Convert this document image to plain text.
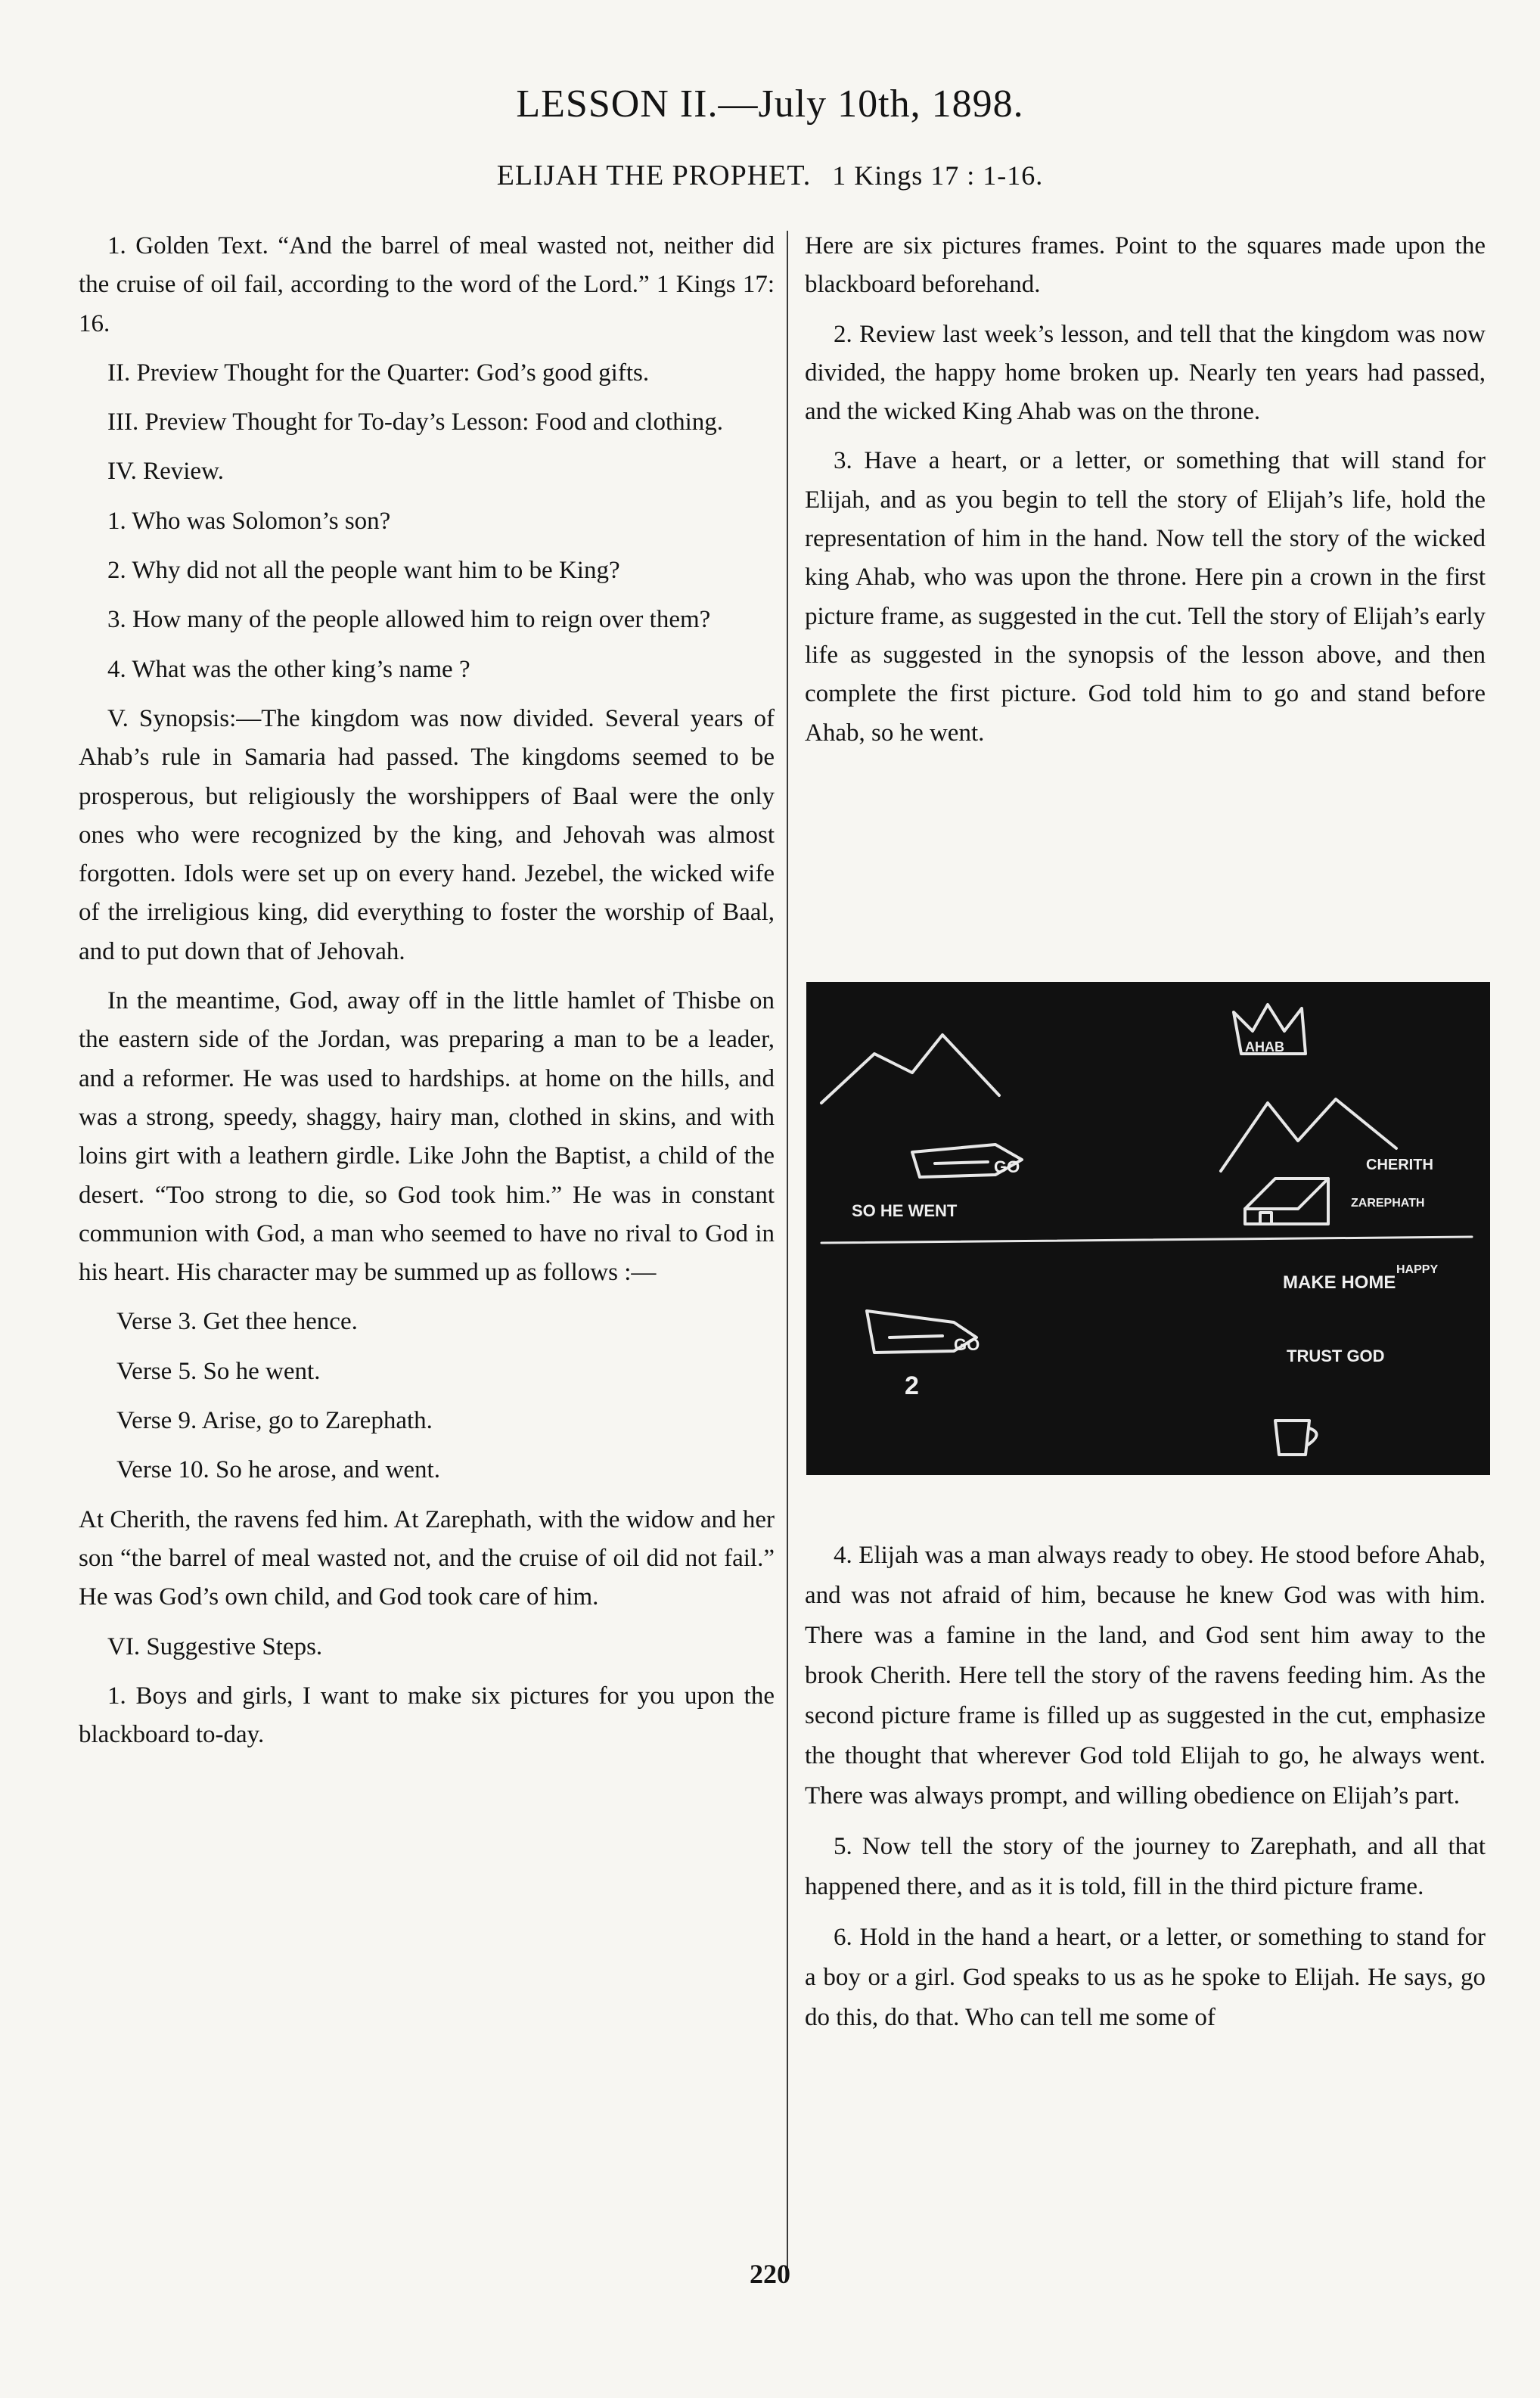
LESSON II.—July 10th, 1898.
ELIJAH THE PROPHET. 1 Kings 17 : 1-16.

1. Golden Text. “And the barrel of meal wasted not, neither did the cruise of oil fail, according to the word of the Lord.” 1 Kings 17: 16.

II. Preview Thought for the Quarter: God’s good gifts.

III. Preview Thought for To-day’s Lesson: Food and clothing.

IV. Review.

1. Who was Solomon’s son?

2. Why did not all the people want him to be King?

3. How many of the people allowed him to reign over them?

4. What was the other king’s name ?

V. Synopsis:—The kingdom was now divided. Several years of Ahab’s rule in Samaria had passed. The kingdoms seemed to be prosperous, but religiously the worshippers of Baal were the only ones who were recognized by the king, and Jehovah was almost forgotten. Idols were set up on every hand. Jezebel, the wicked wife of the irreligious king, did everything to foster the worship of Baal, and to put down that of Jehovah.

In the meantime, God, away off in the little hamlet of Thisbe on the eastern side of the Jordan, was preparing a man to be a leader, and a reformer. He was used to hardships. at home on the hills, and was a strong, speedy, shaggy, hairy man, clothed in skins, and with loins girt with a leathern girdle. Like John the Baptist, a child of the desert. “Too strong to die, so God took him.” He was in constant communion with God, a man who seemed to have no rival to God in his heart. His character may be summed up as follows :—

Verse 3. Get thee hence.

Verse 5. So he went.

Verse 9. Arise, go to Zarephath.

Verse 10. So he arose, and went.

At Cherith, the ravens fed him. At Zarephath, with the widow and her son “the barrel of meal wasted not, and the cruise of oil did not fail.” He was God’s own child, and God took care of him.

VI. Suggestive Steps.

1. Boys and girls, I want to make six pictures for you upon the blackboard to-day.

Here are six pictures frames. Point to the squares made upon the blackboard beforehand.

2. Review last week’s lesson, and tell that the kingdom was now divided, the happy home broken up. Nearly ten years had passed, and the wicked King Ahab was on the throne.

3. Have a heart, or a letter, or something that will stand for Elijah, and as you begin to tell the story of Elijah’s life, hold the representation of him in the hand. Now tell the story of the wicked king Ahab, who was upon the throne. Here pin a crown in the first picture frame, as suggested in the cut. Tell the story of Elijah’s early life as suggested in the synopsis of the lesson above, and then complete the first picture. God told him to go and stand before Ahab, so he went.

AHAB
GO
SO HE WENT
CHERITH
ZAREPHATH
MAKE HOME
HAPPY
GO
2
TRUST GOD

4. Elijah was a man always ready to obey. He stood before Ahab, and was not afraid of him, because he knew God was with him. There was a famine in the land, and God sent him away to the brook Cherith. Here tell the story of the ravens feeding him. As the second picture frame is filled up as suggested in the cut, emphasize the thought that wherever God told Elijah to go, he always went. There was always prompt, and willing obedience on Elijah’s part.

5. Now tell the story of the journey to Zarephath, and all that happened there, and as it is told, fill in the third picture frame.

6. Hold in the hand a heart, or a letter, or something to stand for a boy or a girl. God speaks to us as he spoke to Elijah. He says, go do this, do that. Who can tell me some of

220
